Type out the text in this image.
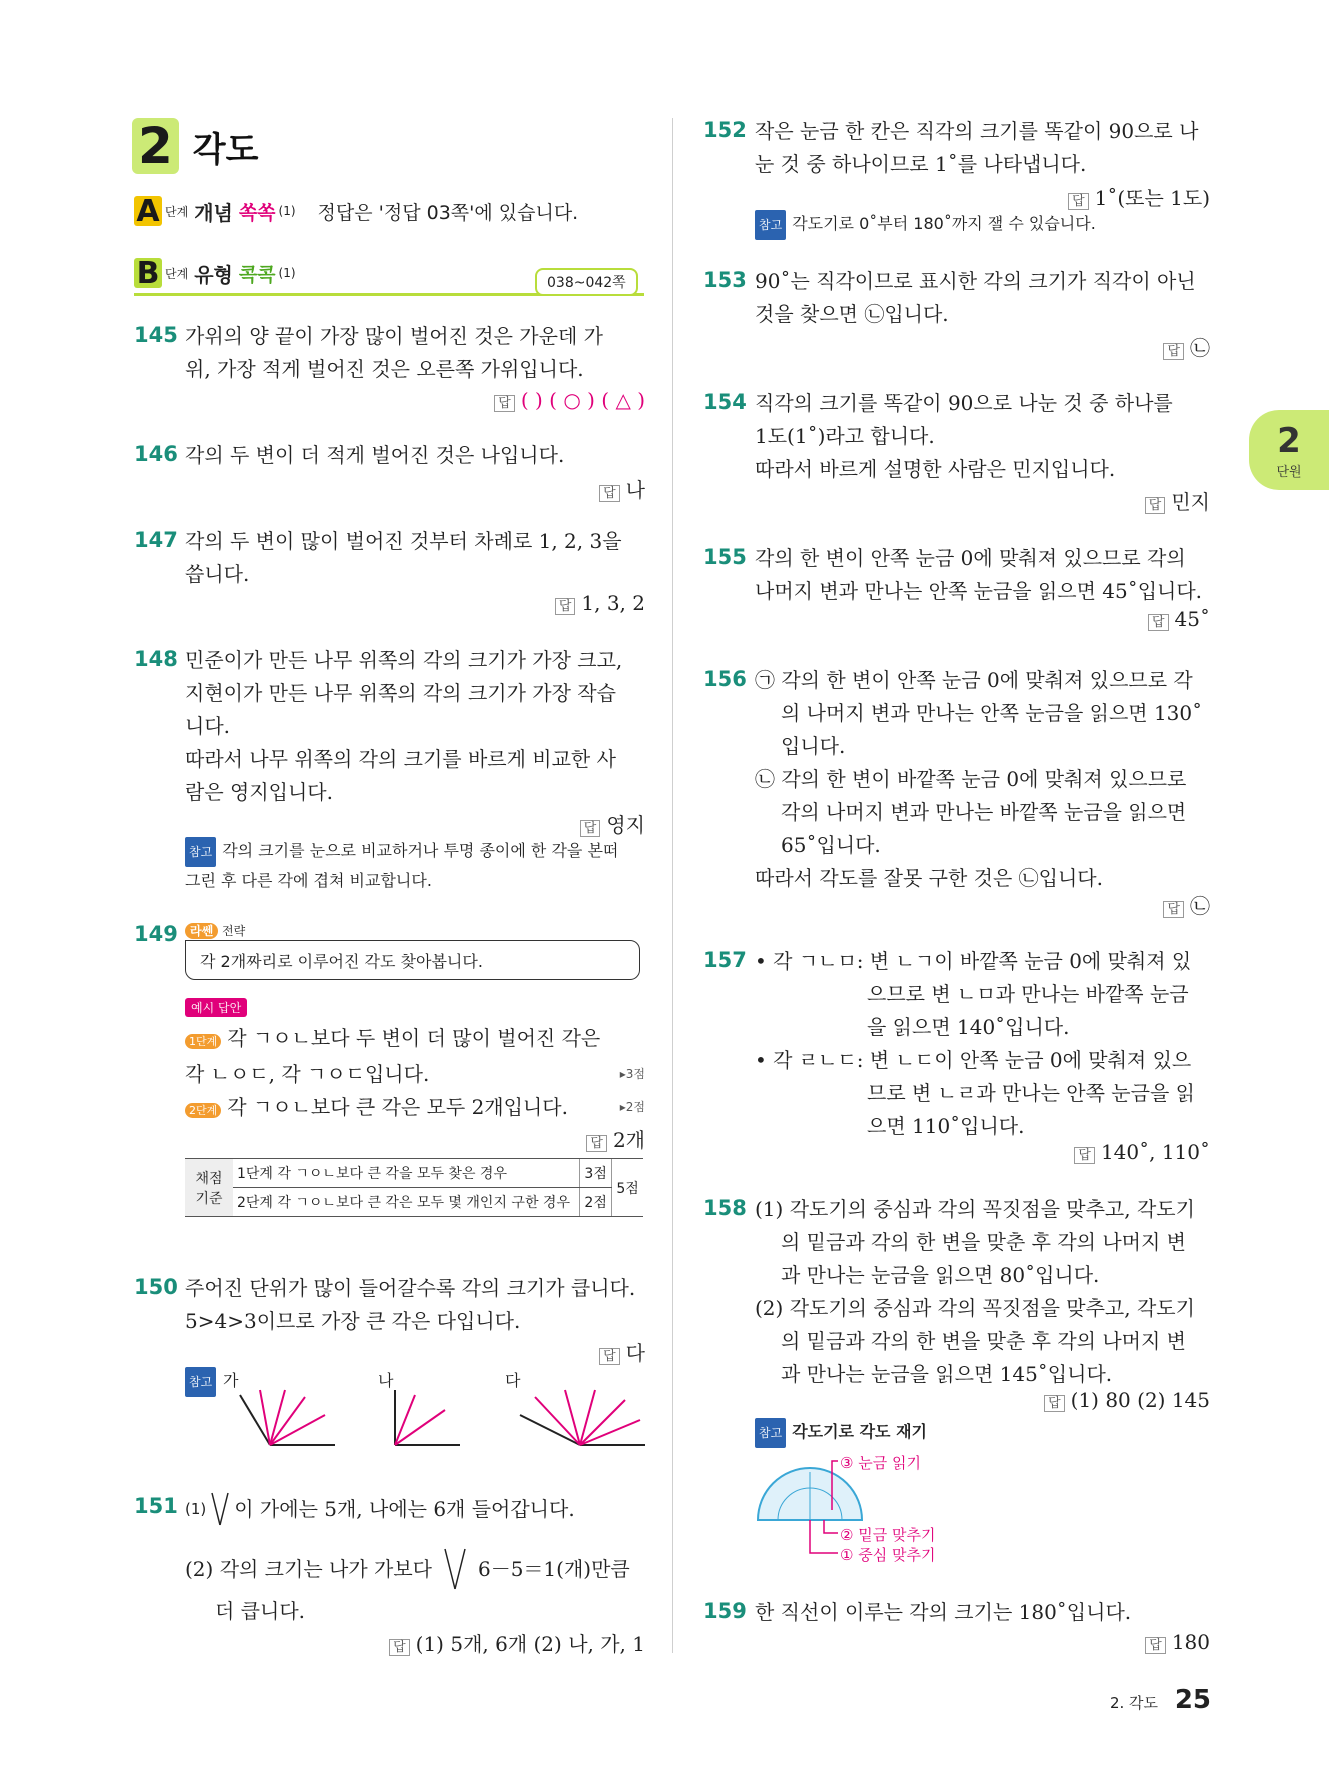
2 각도
A 단계 개념 쏙쏙 (1) 정답은 '정답 03쪽'에 있습니다.
B 단계 유형 콕콕 (1)
038~042쪽
145 가위의 양 끝이 가장 많이 벌어진 것은 가운데 가
위, 가장 적게 벌어진 것은 오른쪽 가위입니다.
답 ( ) ( ○ ) ( △ )
146 각의 두 변이 더 적게 벌어진 것은 나입니다.
답 나
147 각의 두 변이 많이 벌어진 것부터 차례로 1, 2, 3을
씁니다.
답 1, 3, 2
148 민준이가 만든 나무 위쪽의 각의 크기가 가장 크고,
지현이가 만든 나무 위쪽의 각의 크기가 가장 작습
니다.
따라서 나무 위쪽의 각의 크기를 바르게 비교한 사
람은 영지입니다.
답 영지
참고 각의 크기를 눈으로 비교하거나 투명 종이에 한 각을 본떠
그린 후 다른 각에 겹쳐 비교합니다.
149	라쎈 전략
각 2개짜리로 이루어진 각도 찾아봅니다.
예시 답안
1단계 각 ㄱㅇㄴ보다 두 변이 더 많이 벌어진 각은
각 ㄴㅇㄷ, 각 ㄱㅇㄷ입니다.	▸3점
2단계 각 ㄱㅇㄴ보다 큰 각은 모두 2개입니다.	▸2점
답 2개
채점
기준	1단계 각 ㄱㅇㄴ보다 큰 각을 모두 찾은 경우	3점	5점
	2단계 각 ㄱㅇㄴ보다 큰 각은 모두 몇 개인지 구한 경우	2점	
150 주어진 단위가 많이 들어갈수록 각의 크기가 큽니다.
5>4>3이므로 가장 큰 각은 다입니다.
답 다
참고 가	나	다
151 (1) 이 가에는 5개, 나에는 6개 들어갑니다.
(2) 각의 크기는 나가 가보다 6－5＝1(개)만큼
더 큽니다.
답 (1) 5개, 6개 (2) 나, 가, 1
152 작은 눈금 한 칸은 직각의 크기를 똑같이 90으로 나
눈 것 중 하나이므로 1˚를 나타냅니다.
답 1˚(또는 1도)
참고 각도기로 0˚부터 180˚까지 잴 수 있습니다.
153 90˚는 직각이므로 표시한 각의 크기가 직각이 아닌
것을 찾으면 ㉡입니다.
답 ㉡
154 직각의 크기를 똑같이 90으로 나눈 것 중 하나를
1도(1˚)라고 합니다.
따라서 바르게 설명한 사람은 민지입니다.
답 민지
2
단원
155 각의 한 변이 안쪽 눈금 0에 맞춰져 있으므로 각의
나머지 변과 만나는 안쪽 눈금을 읽으면 45˚입니다.
답 45˚
156 ㉠ 각의 한 변이 안쪽 눈금 0에 맞춰져 있으므로 각
의 나머지 변과 만나는 안쪽 눈금을 읽으면 130˚
입니다.
㉡ 각의 한 변이 바깥쪽 눈금 0에 맞춰져 있으므로
각의 나머지 변과 만나는 바깥쪽 눈금을 읽으면
65˚입니다.
따라서 각도를 잘못 구한 것은 ㉡입니다.
답 ㉡
157 • 각 ㄱㄴㅁ: 변 ㄴㄱ이 바깥쪽 눈금 0에 맞춰져 있
으므로 변 ㄴㅁ과 만나는 바깥쪽 눈금
을 읽으면 140˚입니다.
• 각 ㄹㄴㄷ: 변 ㄴㄷ이 안쪽 눈금 0에 맞춰져 있으
므로 변 ㄴㄹ과 만나는 안쪽 눈금을 읽
으면 110˚입니다.
답 140˚, 110˚
158 (1) 각도기의 중심과 각의 꼭짓점을 맞추고, 각도기
의 밑금과 각의 한 변을 맞춘 후 각의 나머지 변
과 만나는 눈금을 읽으면 80˚입니다.
(2) 각도기의 중심과 각의 꼭짓점을 맞추고, 각도기
의 밑금과 각의 한 변을 맞춘 후 각의 나머지 변
과 만나는 눈금을 읽으면 145˚입니다.
답 (1) 80 (2) 145
참고 각도기로 각도 재기
③ 눈금 읽기
② 밑금 맞추기
① 중심 맞추기
159 한 직선이 이루는 각의 크기는 180˚입니다.
답 180
2. 각도 25
